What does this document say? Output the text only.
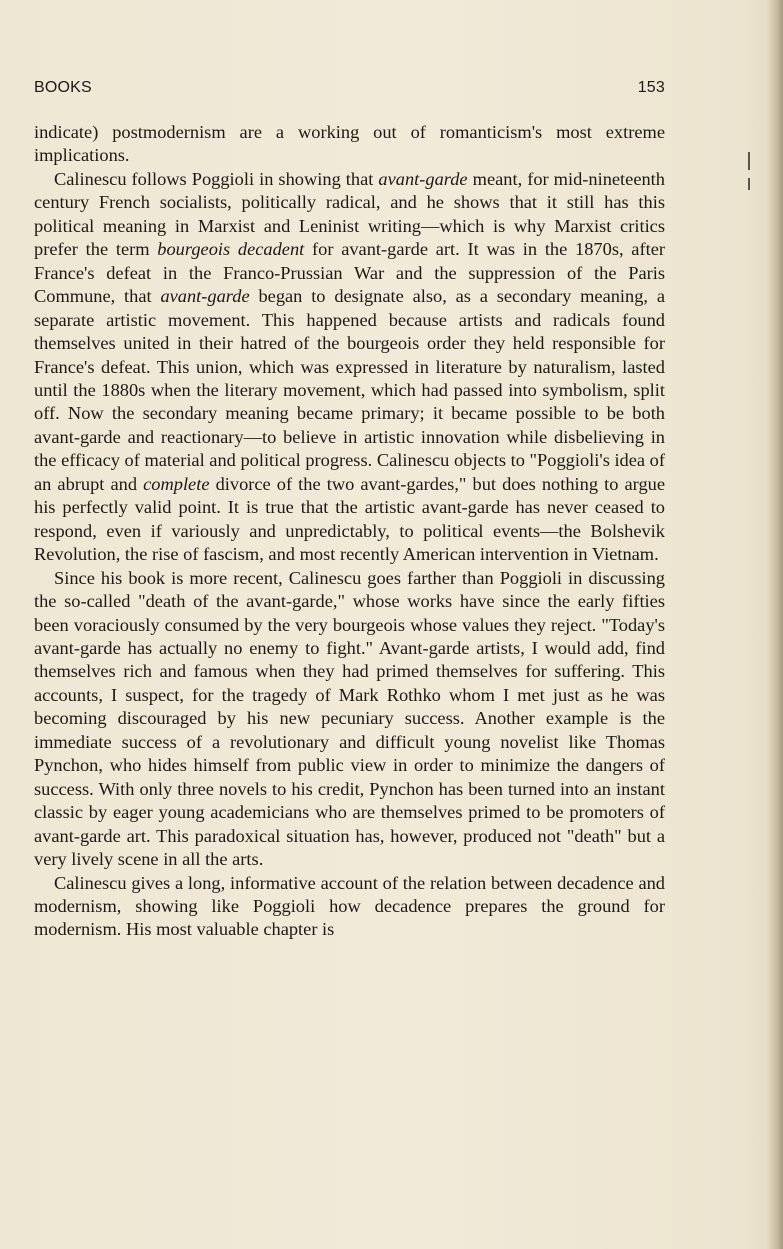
BOOKS	153

indicate) postmodernism are a working out of romanticism's most extreme implications.

Calinescu follows Poggioli in showing that avant-garde meant, for mid-nineteenth century French socialists, politically radical, and he shows that it still has this political meaning in Marxist and Leninist writing—which is why Marxist critics prefer the term bourgeois decadent for avant-garde art. It was in the 1870s, after France's defeat in the Franco-Prussian War and the suppression of the Paris Commune, that avant-garde began to designate also, as a secondary meaning, a separate artistic movement. This happened because artists and radicals found themselves united in their hatred of the bourgeois order they held responsible for France's defeat. This union, which was expressed in literature by naturalism, lasted until the 1880s when the literary movement, which had passed into symbolism, split off. Now the secondary meaning became primary; it became possible to be both avant-garde and reactionary—to believe in artistic innovation while disbelieving in the efficacy of material and political progress. Calinescu objects to "Poggioli's idea of an abrupt and complete divorce of the two avant-gardes," but does nothing to argue his perfectly valid point. It is true that the artistic avant-garde has never ceased to respond, even if variously and unpredictably, to political events—the Bolshevik Revolution, the rise of fascism, and most recently American intervention in Vietnam.

Since his book is more recent, Calinescu goes farther than Poggioli in discussing the so-called "death of the avant-garde," whose works have since the early fifties been voraciously consumed by the very bourgeois whose values they reject. "Today's avant-garde has actually no enemy to fight." Avant-garde artists, I would add, find themselves rich and famous when they had primed themselves for suffering. This accounts, I suspect, for the tragedy of Mark Rothko whom I met just as he was becoming discouraged by his new pecuniary success. Another example is the immediate success of a revolutionary and difficult young novelist like Thomas Pynchon, who hides himself from public view in order to minimize the dangers of success. With only three novels to his credit, Pynchon has been turned into an instant classic by eager young academicians who are themselves primed to be promoters of avant-garde art. This paradoxical situation has, however, produced not "death" but a very lively scene in all the arts.

Calinescu gives a long, informative account of the relation between decadence and modernism, showing like Poggioli how decadence prepares the ground for modernism. His most valuable chapter is
